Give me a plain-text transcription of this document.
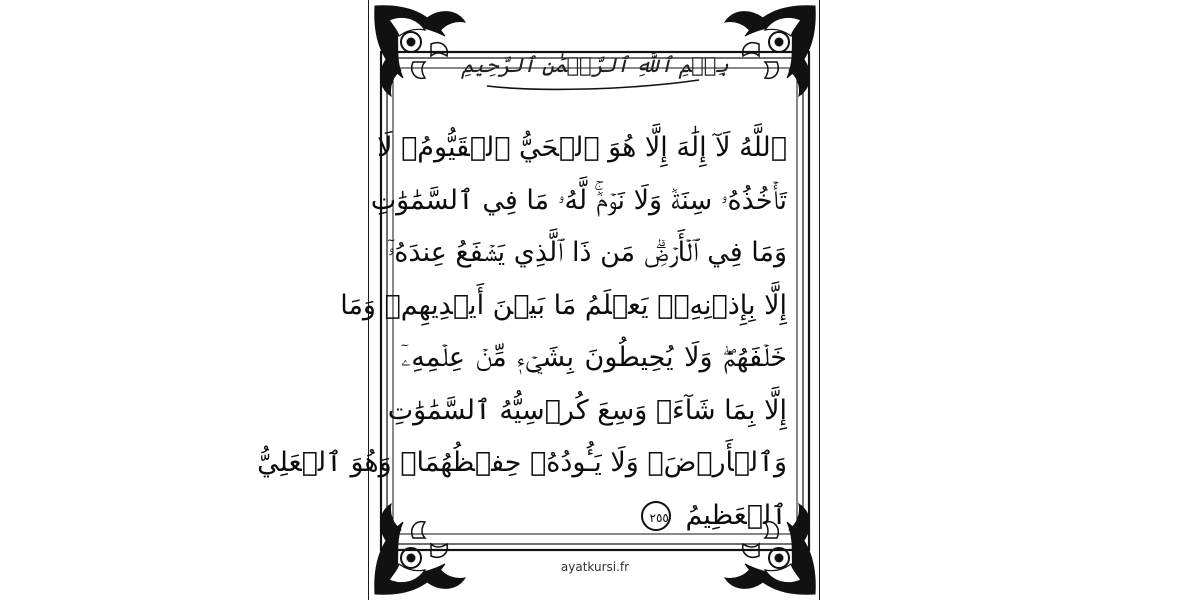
بِسۡمِ ٱللَّهِ ٱلرَّحۡمَٰنِ ٱلرَّحِيمِ
ٱللَّهُ لَآ إِلَٰهَ إِلَّا هُوَ ٱلۡحَيُّ ٱلۡقَيُّومُۚ لَا
تَأۡخُذُهُۥ سِنَةٞ وَلَا نَوۡمٞۚ لَّهُۥ مَا فِي ٱلسَّمَٰوَٰتِ
وَمَا فِي ٱلۡأَرۡضِۗ مَن ذَا ٱلَّذِي يَشۡفَعُ عِندَهُۥٓ
إِلَّا بِإِذۡنِهِۦۚ يَعۡلَمُ مَا بَيۡنَ أَيۡدِيهِمۡ وَمَا
خَلۡفَهُمۡۖ وَلَا يُحِيطُونَ بِشَيۡءٖ مِّنۡ عِلۡمِهِۦٓ
إِلَّا بِمَا شَآءَۚ وَسِعَ كُرۡسِيُّهُ ٱلسَّمَٰوَٰتِ
وَٱلۡأَرۡضَۖ وَلَا يَـُٔودُهُۥ حِفۡظُهُمَاۚ وَهُوَ ٱلۡعَلِيُّ
ٱلۡعَظِيمُ ٢٥٥
ayatkursi.fr
